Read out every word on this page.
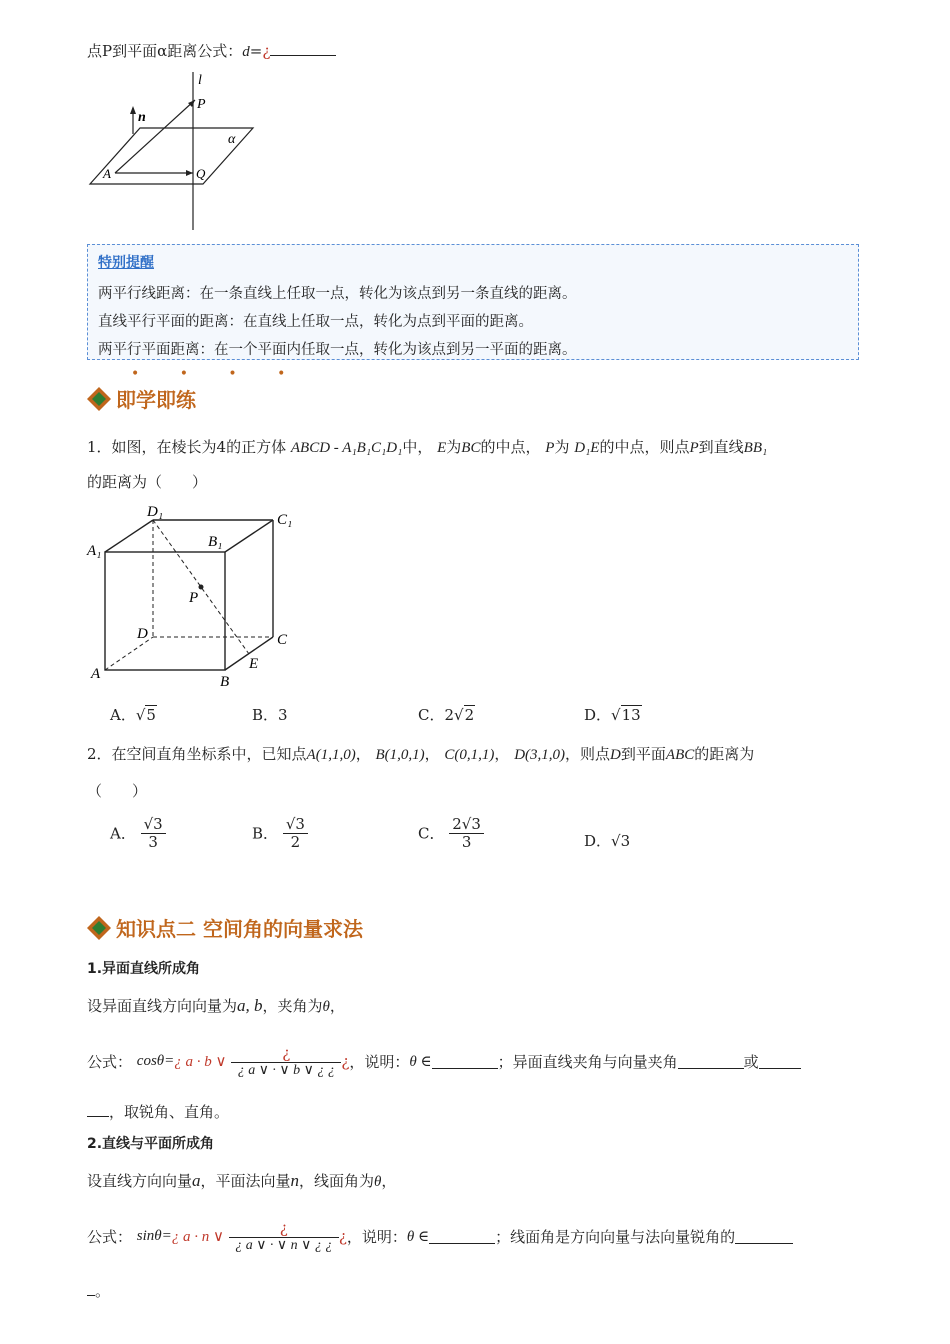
点P到平面α距离公式：d=¿
l
P
n
α
A	Q
特别提醒
两平行线距离：在一条直线上任取一点，转化为该点到另一条直线的距离。
直线平行平面的距离：在直线上任取一点，转化为点到平面的距离。
两平行平面距离：在一个平面内任取一点，转化为该点到另一平面的距离。
• • • •
即学即练
1．如图，在棱长为4的正方体 ABCD - A₁B₁C₁D₁中， E为BC的中点， P为 D₁E的中点，则点P到直线BB₁
的距离为（　　）
D₁	C₁
A₁
B₁
P
D	C
A	B
E
A．√5	B．3	C．2√2	D．√13
2．在空间直角坐标系中，已知点A(1,1,0)， B(1,0,1)， C(0,1,1)， D(3,1,0)，则点D到平面ABC的距离为
（　　）
A． $\frac{√3}{3}$	B． $\frac{√3}{2}$	C． $\frac{2√3}{3}$	D．√3
知识点二 空间角的向量求法
1.异面直线所成角
设异面直线方向向量为a, b，夹角为θ，
公式： cosθ=¿ a · b ∨ $\frac{¿}{¿ a \vee \cdot \vee b \vee ¿ ¿}$ ¿，说明：θ ∈	；异面直线夹角与向量夹角	或
，取锐角、直角。
2.直线与平面所成角
设直线方向向量a，平面法向量n，线面角为θ，
公式： sinθ=¿ a · n ∨ $\frac{¿}{¿ a \vee \cdot \vee n \vee ¿ ¿}$ ¿，说明：θ ∈	；线面角是方向向量与法向量锐角的
。
